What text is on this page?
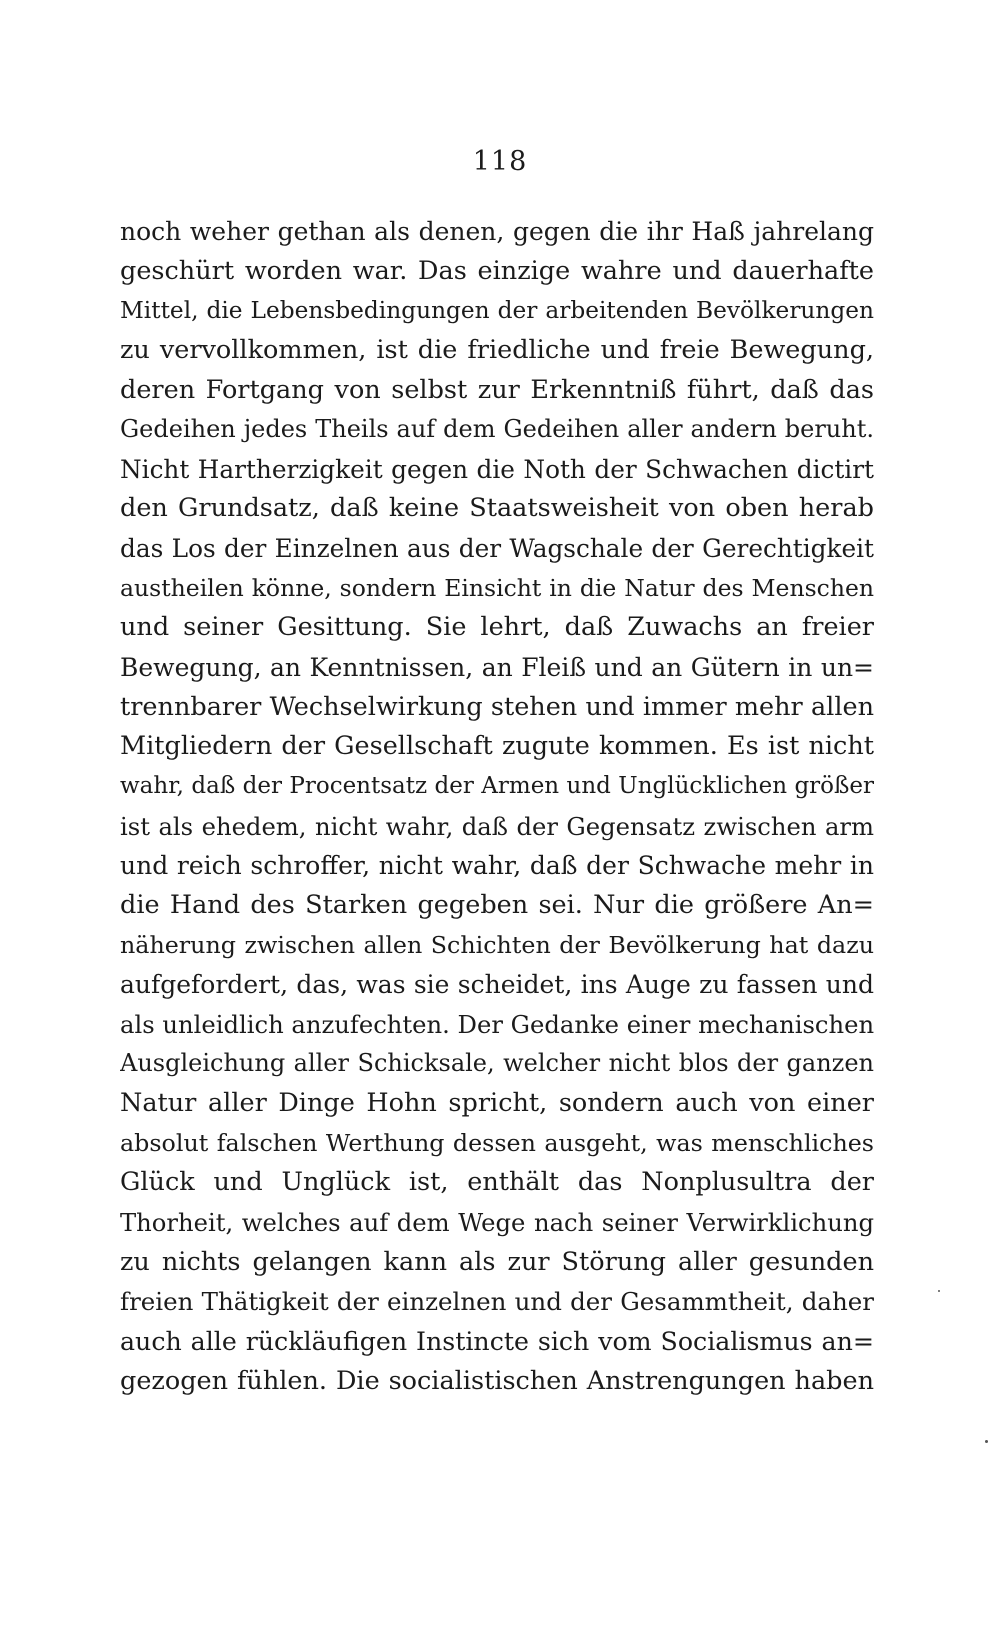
118
noch weher gethan als denen, gegen die ihr Haß jahrelang
geschürt worden war. Das einzige wahre und dauerhafte
Mittel, die Lebensbedingungen der arbeitenden Bevölkerungen
zu vervollkommen, ist die friedliche und freie Bewegung,
deren Fortgang von selbst zur Erkenntniß führt, daß das
Gedeihen jedes Theils auf dem Gedeihen aller andern beruht.
Nicht Hartherzigkeit gegen die Noth der Schwachen dictirt
den Grundsatz, daß keine Staatsweisheit von oben herab
das Los der Einzelnen aus der Wagschale der Gerechtigkeit
austheilen könne, sondern Einsicht in die Natur des Menschen
und seiner Gesittung. Sie lehrt, daß Zuwachs an freier
Bewegung, an Kenntnissen, an Fleiß und an Gütern in un=
trennbarer Wechselwirkung stehen und immer mehr allen
Mitgliedern der Gesellschaft zugute kommen. Es ist nicht
wahr, daß der Procentsatz der Armen und Unglücklichen größer
ist als ehedem, nicht wahr, daß der Gegensatz zwischen arm
und reich schroffer, nicht wahr, daß der Schwache mehr in
die Hand des Starken gegeben sei. Nur die größere An=
näherung zwischen allen Schichten der Bevölkerung hat dazu
aufgefordert, das, was sie scheidet, ins Auge zu fassen und
als unleidlich anzufechten. Der Gedanke einer mechanischen
Ausgleichung aller Schicksale, welcher nicht blos der ganzen
Natur aller Dinge Hohn spricht, sondern auch von einer
absolut falschen Werthung dessen ausgeht, was menschliches
Glück und Unglück ist, enthält das Nonplusultra der
Thorheit, welches auf dem Wege nach seiner Verwirklichung
zu nichts gelangen kann als zur Störung aller gesunden
freien Thätigkeit der einzelnen und der Gesammtheit, daher
auch alle rückläufigen Instincte sich vom Socialismus an=
gezogen fühlen. Die socialistischen Anstrengungen haben
